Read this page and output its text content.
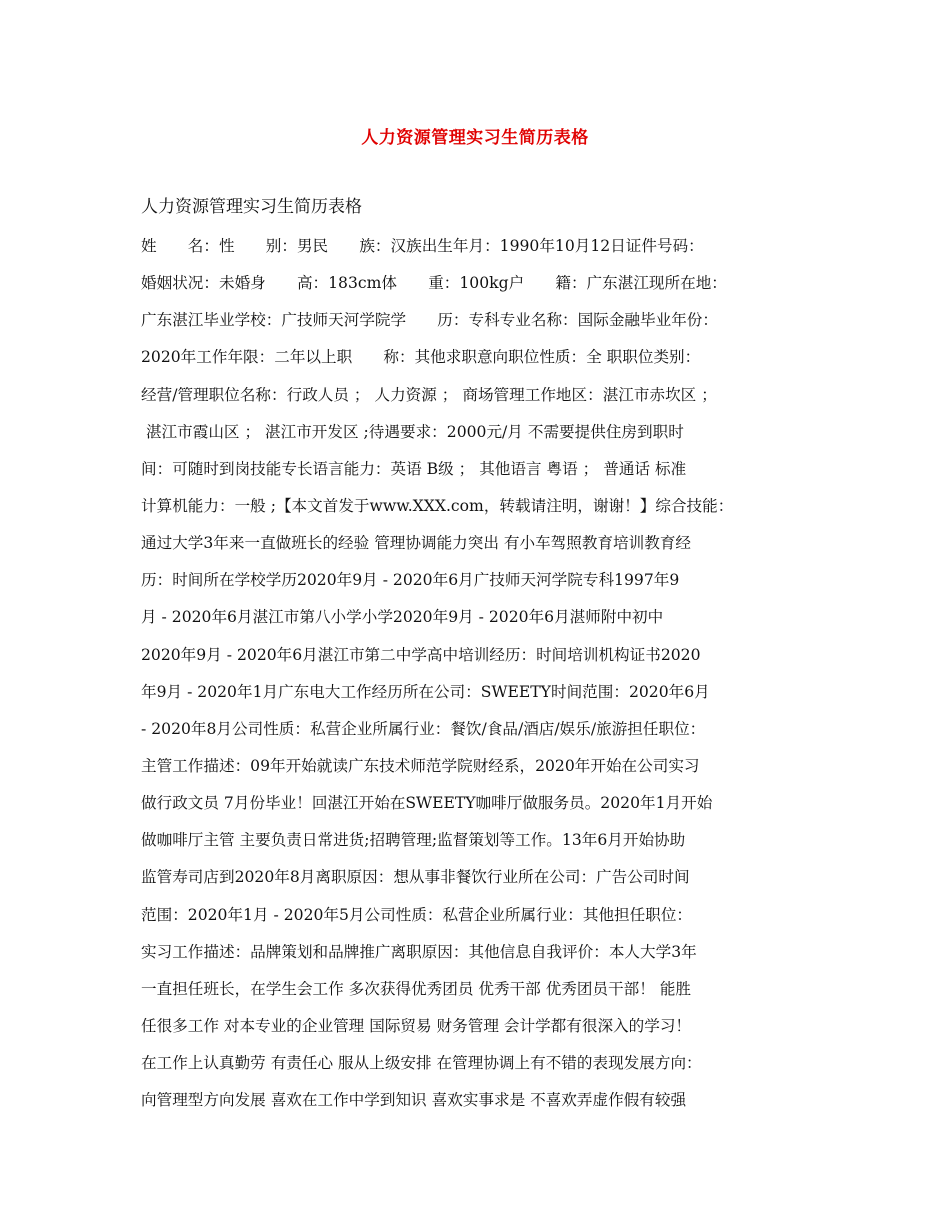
人力资源管理实习生简历表格

人力资源管理实习生简历表格

姓　　名：性　　别：男民　　族：汉族出生年月：1990年10月12日证件号码：
婚姻状况：未婚身　　高：183cm体　　重：100kg户　　籍：广东湛江现所在地：
广东湛江毕业学校：广技师天河学院学　　历：专科专业名称：国际金融毕业年份：
2020年工作年限：二年以上职　　称：其他求职意向职位性质：全 职职位类别：
经营/管理职位名称：行政人员 ； 人力资源 ； 商场管理工作地区：湛江市赤坎区 ；
湛江市霞山区 ； 湛江市开发区 ;待遇要求：2000元/月 不需要提供住房到职时
间：可随时到岗技能专长语言能力：英语 B级 ； 其他语言 粤语 ； 普通话 标准
计算机能力：一般 ;【本文首发于www.XXX.com，转载请注明，谢谢！】综合技能：
通过大学3年来一直做班长的经验 管理协调能力突出 有小车驾照教育培训教育经
历：时间所在学校学历2020年9月 - 2020年6月广技师天河学院专科1997年9
月 - 2020年6月湛江市第八小学小学2020年9月 - 2020年6月湛师附中初中
2020年9月 - 2020年6月湛江市第二中学高中培训经历：时间培训机构证书2020
年9月 - 2020年1月广东电大工作经历所在公司：SWEETY时间范围：2020年6月
- 2020年8月公司性质：私营企业所属行业：餐饮/食品/酒店/娱乐/旅游担任职位：
主管工作描述：09年开始就读广东技术师范学院财经系，2020年开始在公司实习
做行政文员 7月份毕业！回湛江开始在SWEETY咖啡厅做服务员。2020年1月开始
做咖啡厅主管 主要负责日常进货;招聘管理;监督策划等工作。13年6月开始协助
监管寿司店到2020年8月离职原因：想从事非餐饮行业所在公司：广告公司时间
范围：2020年1月 - 2020年5月公司性质：私营企业所属行业：其他担任职位：
实习工作描述：品牌策划和品牌推广离职原因：其他信息自我评价：本人大学3年
一直担任班长，在学生会工作 多次获得优秀团员 优秀干部 优秀团员干部！ 能胜
任很多工作 对本专业的企业管理 国际贸易 财务管理 会计学都有很深入的学习！
在工作上认真勤劳 有责任心 服从上级安排 在管理协调上有不错的表现发展方向：
向管理型方向发展 喜欢在工作中学到知识 喜欢实事求是 不喜欢弄虚作假有较强
